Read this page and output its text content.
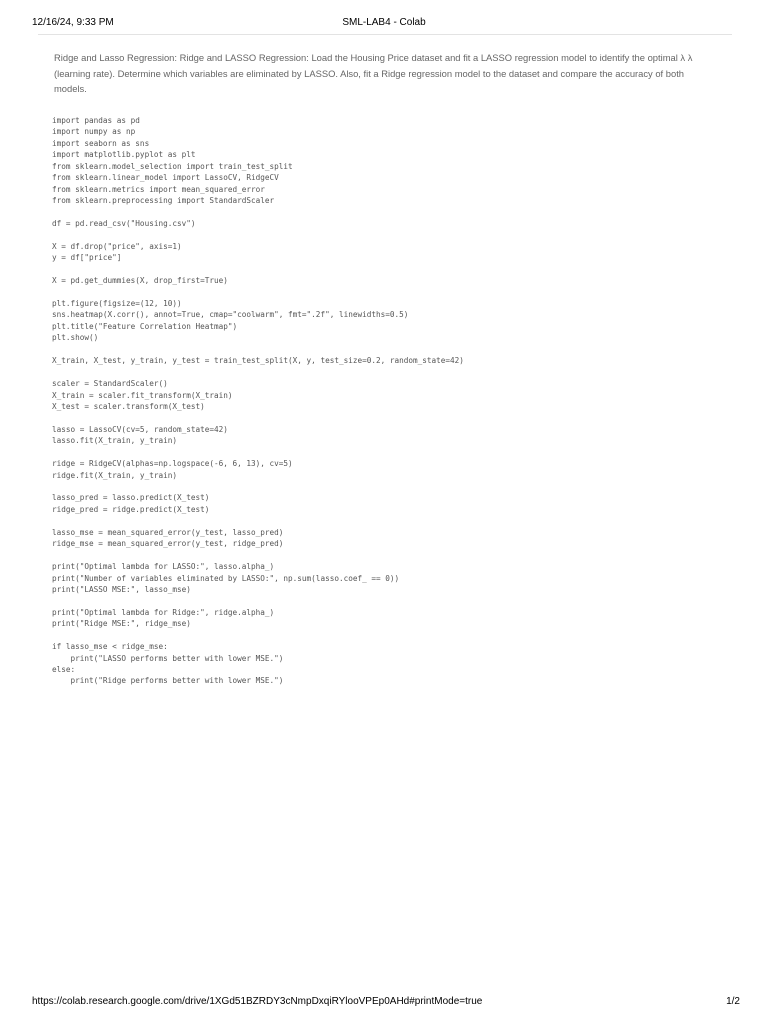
12/16/24, 9:33 PM	SML-LAB4 - Colab
Ridge and Lasso Regression: Ridge and LASSO Regression: Load the Housing Price dataset and fit a LASSO regression model to identify the optimal λ λ (learning rate). Determine which variables are eliminated by LASSO. Also, fit a Ridge regression model to the dataset and compare the accuracy of both models.
import pandas as pd
import numpy as np
import seaborn as sns
import matplotlib.pyplot as plt
from sklearn.model_selection import train_test_split
from sklearn.linear_model import LassoCV, RidgeCV
from sklearn.metrics import mean_squared_error
from sklearn.preprocessing import StandardScaler
df = pd.read_csv("Housing.csv")
X = df.drop("price", axis=1)
y = df["price"]
X = pd.get_dummies(X, drop_first=True)
plt.figure(figsize=(12, 10))
sns.heatmap(X.corr(), annot=True, cmap="coolwarm", fmt=".2f", linewidths=0.5)
plt.title("Feature Correlation Heatmap")
plt.show()
X_train, X_test, y_train, y_test = train_test_split(X, y, test_size=0.2, random_state=42)
scaler = StandardScaler()
X_train = scaler.fit_transform(X_train)
X_test = scaler.transform(X_test)
lasso = LassoCV(cv=5, random_state=42)
lasso.fit(X_train, y_train)
ridge = RidgeCV(alphas=np.logspace(-6, 6, 13), cv=5)
ridge.fit(X_train, y_train)
lasso_pred = lasso.predict(X_test)
ridge_pred = ridge.predict(X_test)
lasso_mse = mean_squared_error(y_test, lasso_pred)
ridge_mse = mean_squared_error(y_test, ridge_pred)
print("Optimal lambda for LASSO:", lasso.alpha_)
print("Number of variables eliminated by LASSO:", np.sum(lasso.coef_ == 0))
print("LASSO MSE:", lasso_mse)
print("Optimal lambda for Ridge:", ridge.alpha_)
print("Ridge MSE:", ridge_mse)
if lasso_mse < ridge_mse:
print("LASSO performs better with lower MSE.")
else:
print("Ridge performs better with lower MSE.")
https://colab.research.google.com/drive/1XGd51BZRDY3cNmpDxqiRYlooVPEp0AHd#printMode=true	1/2
